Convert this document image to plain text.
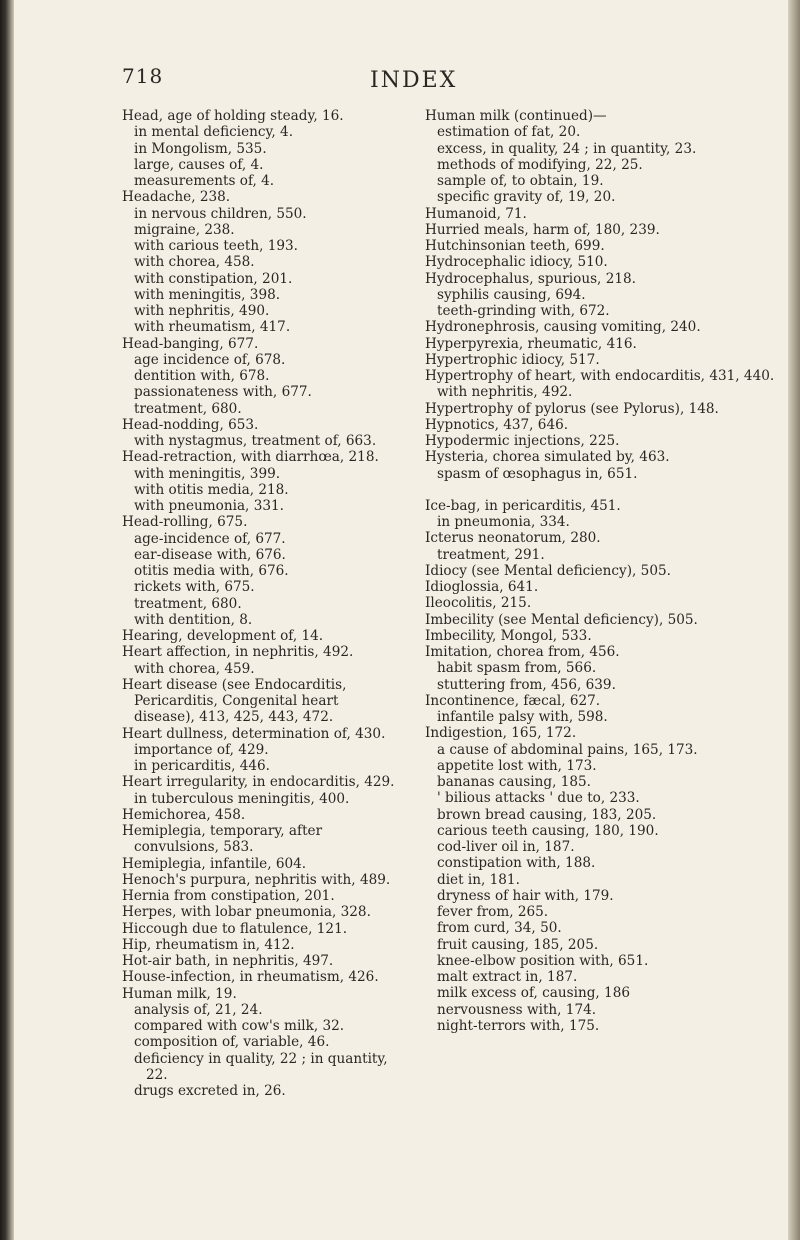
718	INDEX

Head, age of holding steady, 16.

in mental deficiency, 4.

in Mongolism, 535.

large, causes of, 4.

measurements of, 4.

Headache, 238.

in nervous children, 550.

migraine, 238.

with carious teeth, 193.

with chorea, 458.

with constipation, 201.

with meningitis, 398.

with nephritis, 490.

with rheumatism, 417.

Head-banging, 677.

age incidence of, 678.

dentition with, 678.

passionateness with, 677.

treatment, 680.

Head-nodding, 653.

with nystagmus, treatment of, 663.

Head-retraction, with diarrhœa, 218.

with meningitis, 399.

with otitis media, 218.

with pneumonia, 331.

Head-rolling, 675.

age-incidence of, 677.

ear-disease with, 676.

otitis media with, 676.

rickets with, 675.

treatment, 680.

with dentition, 8.

Hearing, development of, 14.

Heart affection, in nephritis, 492.

with chorea, 459.

Heart disease (see Endocarditis, Pericarditis, Congenital heart disease), 413, 425, 443, 472.

Heart dullness, determination of, 430.

importance of, 429.

in pericarditis, 446.

Heart irregularity, in endocarditis, 429.

in tuberculous meningitis, 400.

Hemichorea, 458.

Hemiplegia, temporary, after convulsions, 583.

Hemiplegia, infantile, 604.

Henoch's purpura, nephritis with, 489.

Hernia from constipation, 201.

Herpes, with lobar pneumonia, 328.

Hiccough due to flatulence, 121.

Hip, rheumatism in, 412.

Hot-air bath, in nephritis, 497.

House-infection, in rheumatism, 426.

Human milk, 19.

analysis of, 21, 24.

compared with cow's milk, 32.

composition of, variable, 46.

deficiency in quality, 22 ; in quantity, 22.

drugs excreted in, 26.

Human milk (continued)—

estimation of fat, 20.

excess, in quality, 24 ; in quantity, 23.

methods of modifying, 22, 25.

sample of, to obtain, 19.

specific gravity of, 19, 20.

Humanoid, 71.

Hurried meals, harm of, 180, 239.

Hutchinsonian teeth, 699.

Hydrocephalic idiocy, 510.

Hydrocephalus, spurious, 218.

syphilis causing, 694.

teeth-grinding with, 672.

Hydronephrosis, causing vomiting, 240.

Hyperpyrexia, rheumatic, 416.

Hypertrophic idiocy, 517.

Hypertrophy of heart, with endocarditis, 431, 440.

with nephritis, 492.

Hypertrophy of pylorus (see Pylorus), 148.

Hypnotics, 437, 646.

Hypodermic injections, 225.

Hysteria, chorea simulated by, 463.

spasm of œsophagus in, 651.

Ice-bag, in pericarditis, 451.

in pneumonia, 334.

Icterus neonatorum, 280.

treatment, 291.

Idiocy (see Mental deficiency), 505.

Idioglossia, 641.

Ileocolitis, 215.

Imbecility (see Mental deficiency), 505.

Imbecility, Mongol, 533.

Imitation, chorea from, 456.

habit spasm from, 566.

stuttering from, 456, 639.

Incontinence, fæcal, 627.

infantile palsy with, 598.

Indigestion, 165, 172.

a cause of abdominal pains, 165, 173.

appetite lost with, 173.

bananas causing, 185.

' bilious attacks ' due to, 233.

brown bread causing, 183, 205.

carious teeth causing, 180, 190.

cod-liver oil in, 187.

constipation with, 188.

diet in, 181.

dryness of hair with, 179.

fever from, 265.

from curd, 34, 50.

fruit causing, 185, 205.

knee-elbow position with, 651.

malt extract in, 187.

milk excess of, causing, 186

nervousness with, 174.

night-terrors with, 175.
